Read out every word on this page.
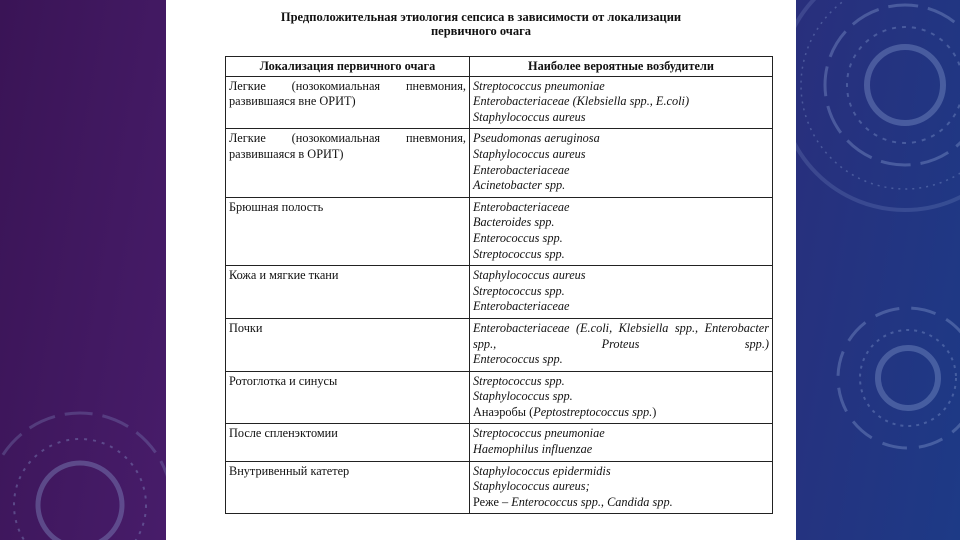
Предположительная этиология сепсиса в зависимости от локализации
первичного очага
Локализация первичного очага	Наиболее вероятные возбудители
Легкие (нозокомиальная пневмония, развившаяся вне ОРИТ)	Streptococcus pneumoniae
Enterobacteriaceae (Klebsiella spp., E.coli)
Staphylococcus aureus

Легкие (нозокомиальная пневмония, развившаяся в ОРИТ)	Pseudomonas aeruginosa
Staphylococcus aureus
Enterobacteriaceae
Acinetobacter spp.

Брюшная полость	Enterobacteriaceae
Bacteroides spp.
Enterococcus spp.
Streptococcus spp.

Кожа и мягкие ткани	Staphylococcus aureus
Streptococcus spp.
Enterobacteriaceae

Почки	Enterobacteriaceae (E.coli, Klebsiella spp., Enterobacter spp., Proteus spp.)
Enterococcus spp.

Ротоглотка и синусы	Streptococcus spp.
Staphylococcus spp.
Анаэробы (Peptostreptococcus spp.)

После спленэктомии	Streptococcus pneumoniae
Haemophilus influenzae

Внутривенный катетер	Staphylococcus epidermidis
Staphylococcus aureus;
Реже – Enterococcus spp., Candida spp.
